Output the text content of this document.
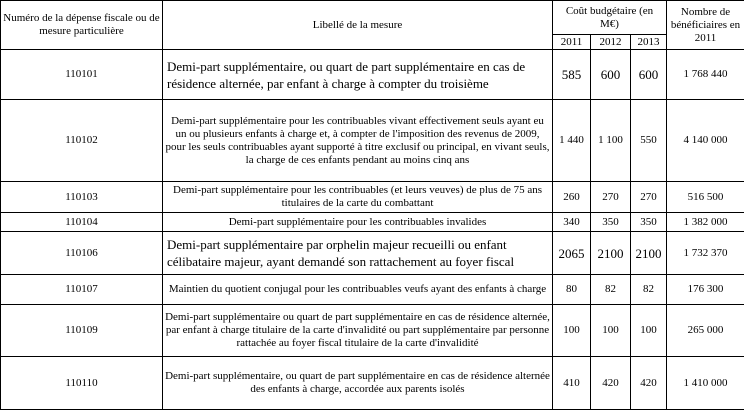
Numéro de la dépense fiscale ou de mesure particulière	Libellé de la mesure	Coût budgétaire (en M€)			Nombre de bénéficiaires en 2011
		2011	2012	2013	
110101	Demi-part supplémentaire, ou quart de part supplémentaire en cas de résidence alternée, par enfant à charge à compter du troisième	585	600	600	1 768 440
110102	Demi-part supplémentaire pour les contribuables vivant effectivement seuls ayant eu un ou plusieurs enfants à charge et, à compter de l'imposition des revenus de 2009, pour les seuls contribuables ayant supporté à titre exclusif ou principal, en vivant seuls, la charge de ces enfants pendant au moins cinq ans	1 440	1 100	550	4 140 000
110103	Demi-part supplémentaire pour les contribuables (et leurs veuves) de plus de 75 ans titulaires de la carte du combattant	260	270	270	516 500
110104	Demi-part supplémentaire pour les contribuables invalides	340	350	350	1 382 000
110106	Demi-part supplémentaire par orphelin majeur recueilli ou enfant célibataire majeur, ayant demandé son rattachement au foyer fiscal	2065	2100	2100	1 732 370
110107	Maintien du quotient conjugal pour les contribuables veufs ayant des enfants à charge	80	82	82	176 300
110109	Demi-part supplémentaire ou quart de part supplémentaire en cas de résidence alternée, par enfant à charge titulaire de la carte d'invalidité ou part supplémentaire par personne rattachée au foyer fiscal titulaire de la carte d'invalidité	100	100	100	265 000
110110	Demi-part supplémentaire, ou quart de part supplémentaire en cas de résidence alternée des enfants à charge, accordée aux parents isolés	410	420	420	1 410 000
